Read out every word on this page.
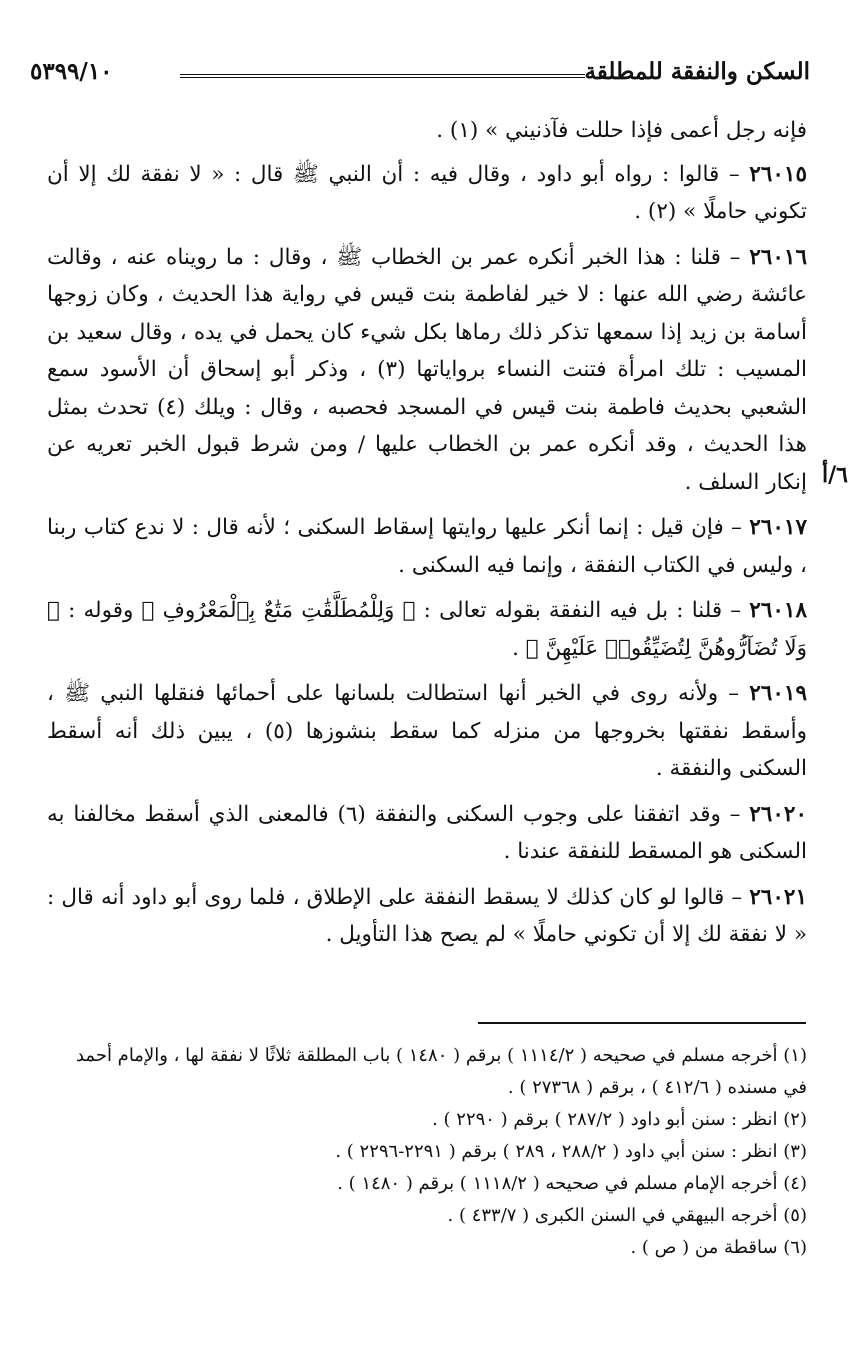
السكن والنفقة للمطلقة
٥٣٩٩/١٠
٦/أ

فإنه رجل أعمى فإذا حللت فآذنيني » (١) .

٢٦٠١٥ – قالوا : رواه أبو داود ، وقال فيه : أن النبي ﷺ قال : « لا نفقة لك إلا أن تكوني حاملًا » (٢) .

٢٦٠١٦ – قلنا : هذا الخبر أنكره عمر بن الخطاب ﷺ ، وقال : ما رويناه عنه ، وقالت عائشة رضي الله عنها : لا خير لفاطمة بنت قيس في رواية هذا الحديث ، وكان زوجها أسامة بن زيد إذا سمعها تذكر ذلك رماها بكل شيء كان يحمل في يده ، وقال سعيد بن المسيب : تلك امرأة فتنت النساء برواياتها (٣) ، وذكر أبو إسحاق أن الأسود سمع الشعبي بحديث فاطمة بنت قيس في المسجد فحصبه ، وقال : ويلك (٤) تحدث بمثل هذا الحديث ، وقد أنكره عمر بن الخطاب عليها / ومن شرط قبول الخبر تعريه عن إنكار السلف .

٢٦٠١٧ – فإن قيل : إنما أنكر عليها روايتها إسقاط السكنى ؛ لأنه قال : لا ندع كتاب ربنا ، وليس في الكتاب النفقة ، وإنما فيه السكنى .

٢٦٠١٨ – قلنا : بل فيه النفقة بقوله تعالى : ﴿ وَلِلْمُطَلَّقَٰتِ مَتَٰعٌ بِٱلْمَعْرُوفِ ﴾ وقوله : ﴿ وَلَا تُضَآرُّوهُنَّ لِتُضَيِّقُوا۟ عَلَيْهِنَّ ﴾ .

٢٦٠١٩ – ولأنه روى في الخبر أنها استطالت بلسانها على أحمائها فنقلها النبي ﷺ ، وأسقط نفقتها بخروجها من منزله كما سقط بنشوزها (٥) ، يبين ذلك أنه أسقط السكنى والنفقة .

٢٦٠٢٠ – وقد اتفقنا على وجوب السكنى والنفقة (٦) فالمعنى الذي أسقط مخالفنا به السكنى هو المسقط للنفقة عندنا .

٢٦٠٢١ – قالوا لو كان كذلك لا يسقط النفقة على الإطلاق ، فلما روى أبو داود أنه قال : « لا نفقة لك إلا أن تكوني حاملًا » لم يصح هذا التأويل .

(١) أخرجه مسلم في صحيحه ( ١١١٤/٢ ) برقم ( ١٤٨٠ ) باب المطلقة ثلاثًا لا نفقة لها ، والإمام أحمد في مسنده ( ٤١٢/٦ ) ، برقم ( ٢٧٣٦٨ ) .

(٢) انظر : سنن أبو داود ( ٢٨٧/٢ ) برقم ( ٢٢٩٠ ) .

(٣) انظر : سنن أبي داود ( ٢٨٨/٢ ، ٢٨٩ ) برقم ( ٢٢٩١-٢٢٩٦ ) .

(٤) أخرجه الإمام مسلم في صحيحه ( ١١١٨/٢ ) برقم ( ١٤٨٠ ) .

(٥) أخرجه البيهقي في السنن الكبرى ( ٤٣٣/٧ ) .

(٦) ساقطة من ( ص ) .
